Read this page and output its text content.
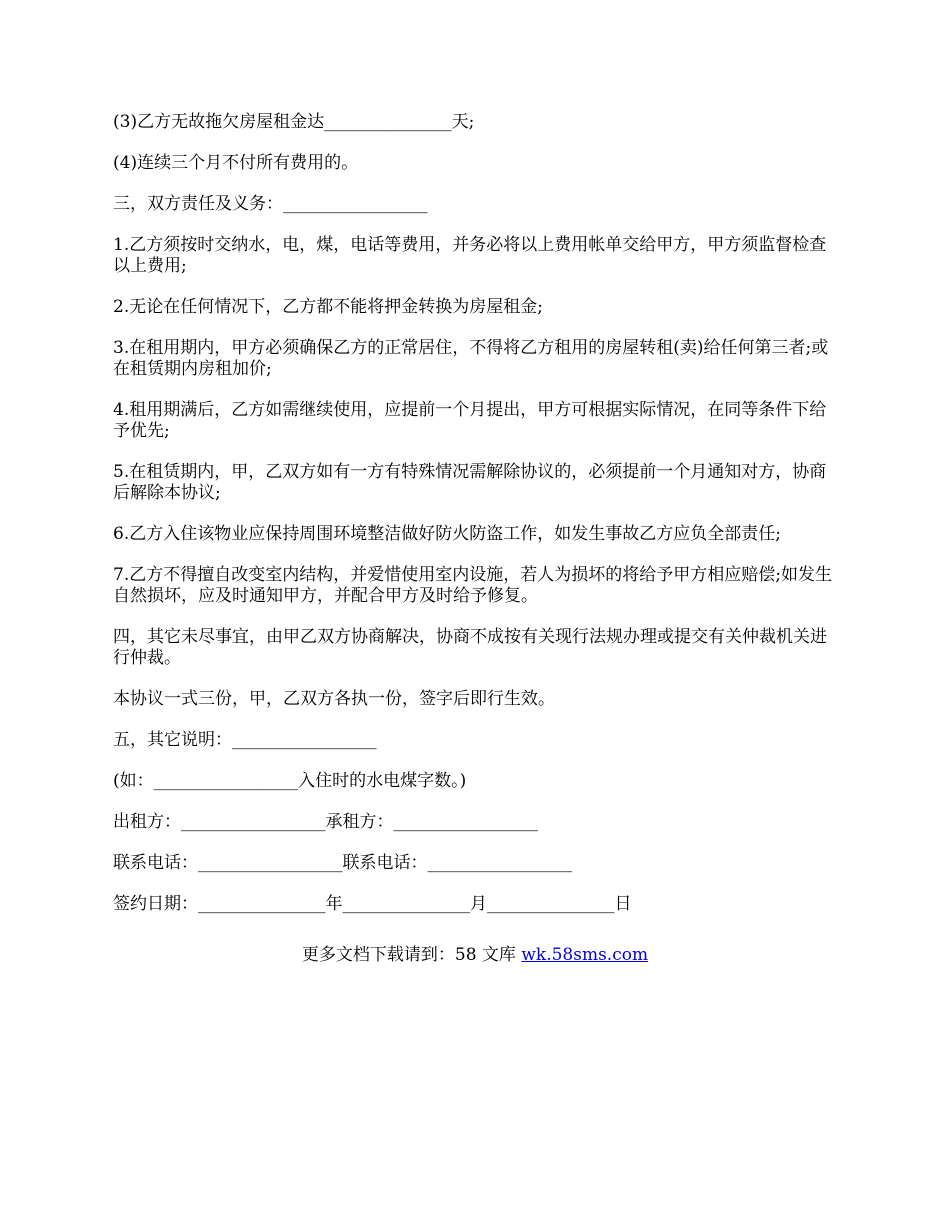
(3)乙方无故拖欠房屋租金达_______________天;

(4)连续三个月不付所有费用的。

三，双方责任及义务：_________________

1.乙方须按时交纳水，电，煤，电话等费用，并务必将以上费用帐单交给甲方，甲方须监督检查以上费用;

2.无论在任何情况下，乙方都不能将押金转换为房屋租金;

3.在租用期内，甲方必须确保乙方的正常居住，不得将乙方租用的房屋转租(卖)给任何第三者;或在租赁期内房租加价;

4.租用期满后，乙方如需继续使用，应提前一个月提出，甲方可根据实际情况，在同等条件下给予优先;

5.在租赁期内，甲，乙双方如有一方有特殊情况需解除协议的，必须提前一个月通知对方，协商后解除本协议;

6.乙方入住该物业应保持周围环境整洁做好防火防盗工作，如发生事故乙方应负全部责任;

7.乙方不得擅自改变室内结构，并爱惜使用室内设施，若人为损坏的将给予甲方相应赔偿;如发生自然损坏，应及时通知甲方，并配合甲方及时给予修复。

四，其它未尽事宜，由甲乙双方协商解决，协商不成按有关现行法规办理或提交有关仲裁机关进行仲裁。

本协议一式三份，甲，乙双方各执一份，签字后即行生效。

五，其它说明：_________________

(如：_________________入住时的水电煤字数。)

出租方：_________________承租方：_________________

联系电话：_________________联系电话：_________________

签约日期：_______________年_______________月_______________日

更多文档下载请到：58 文库 wk.58sms.com
